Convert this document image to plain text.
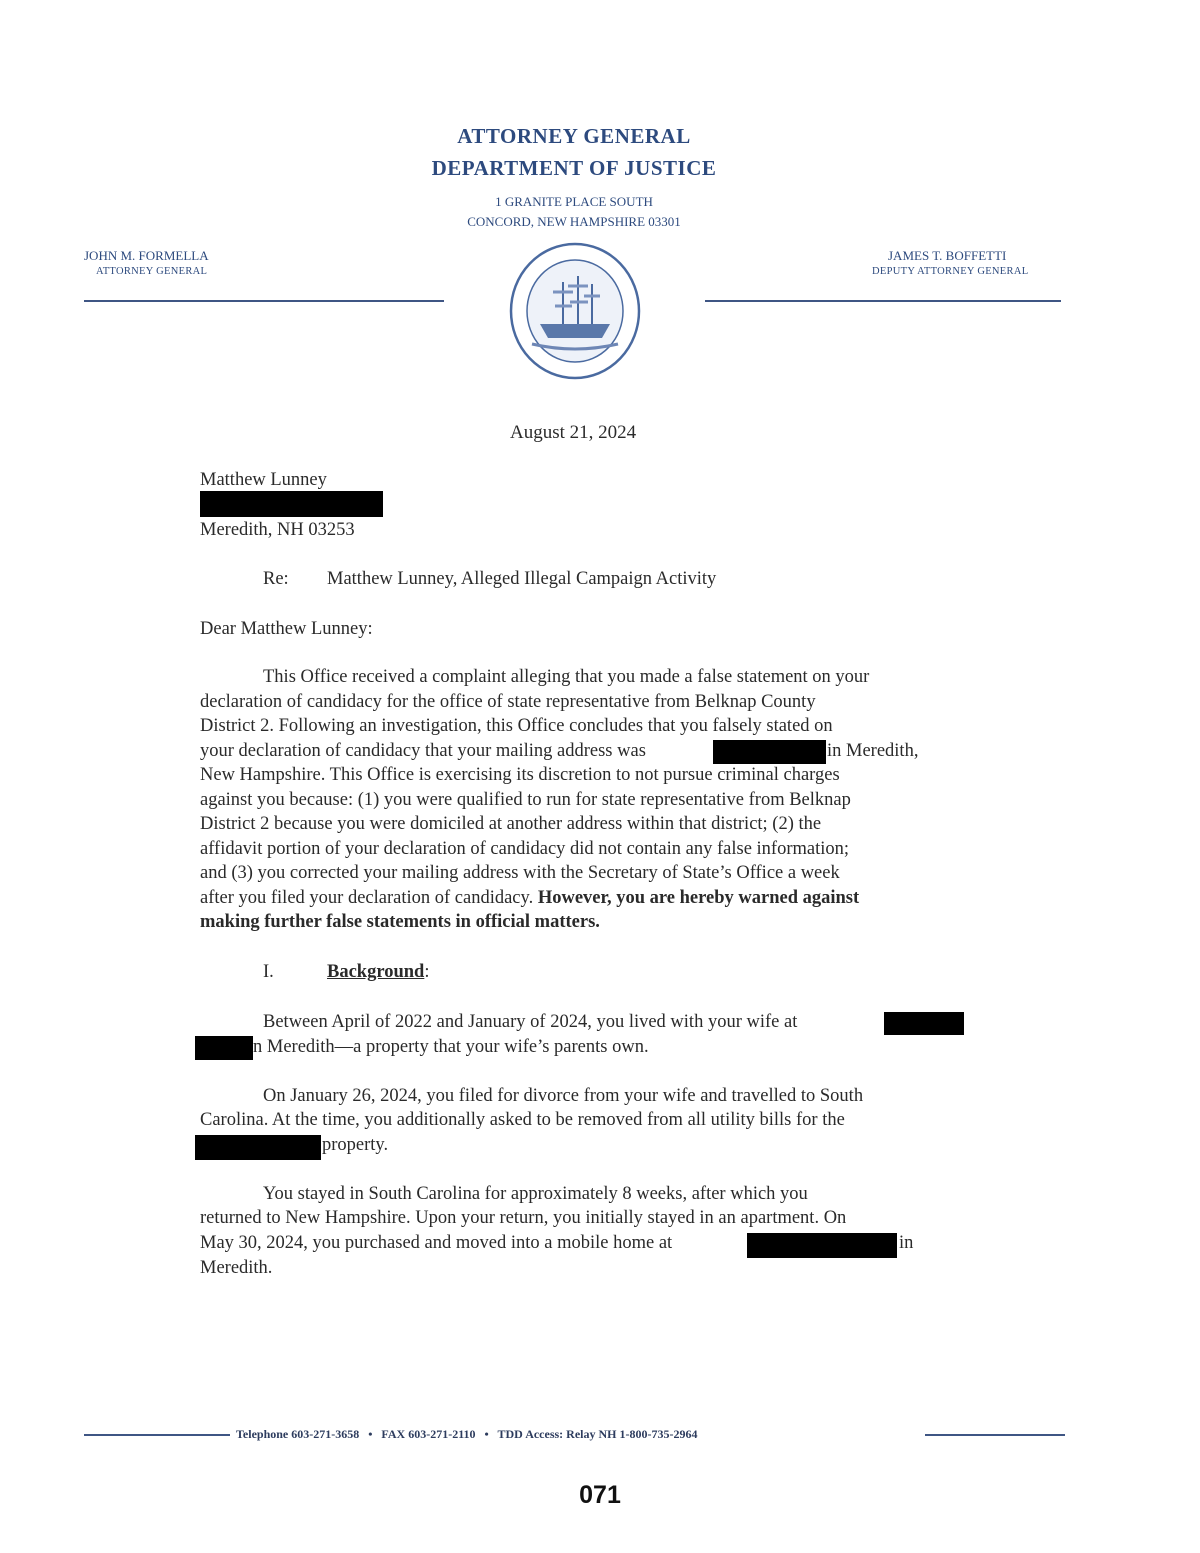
ATTORNEY GENERAL
DEPARTMENT OF JUSTICE
1 GRANITE PLACE SOUTH
CONCORD, NEW HAMPSHIRE 03301
JOHN M. FORMELLA
ATTORNEY GENERAL
JAMES T. BOFFETTI
DEPUTY ATTORNEY GENERAL
August 21, 2024
Matthew Lunney
Meredith, NH 03253
Re: Matthew Lunney, Alleged Illegal Campaign Activity
Dear Matthew Lunney:
This Office received a complaint alleging that you made a false statement on your
declaration of candidacy for the office of state representative from Belknap County
District 2. Following an investigation, this Office concludes that you falsely stated on
your declaration of candidacy that your mailing address was	in Meredith,
New Hampshire. This Office is exercising its discretion to not pursue criminal charges
against you because: (1) you were qualified to run for state representative from Belknap
District 2 because you were domiciled at another address within that district; (2) the
affidavit portion of your declaration of candidacy did not contain any false information;
and (3) you corrected your mailing address with the Secretary of State’s Office a week
after you filed your declaration of candidacy. However, you are hereby warned against
making further false statements in official matters.
I.	Background:
Between April of 2022 and January of 2024, you lived with your wife at
n Meredith—a property that your wife’s parents own.
On January 26, 2024, you filed for divorce from your wife and travelled to South
Carolina. At the time, you additionally asked to be removed from all utility bills for the
property.
You stayed in South Carolina for approximately 8 weeks, after which you
returned to New Hampshire. Upon your return, you initially stayed in an apartment. On
May 30, 2024, you purchased and moved into a mobile home at	in
Meredith.
Telephone 603-271-3658   •   FAX 603-271-2110   •   TDD Access: Relay NH 1-800-735-2964
071
